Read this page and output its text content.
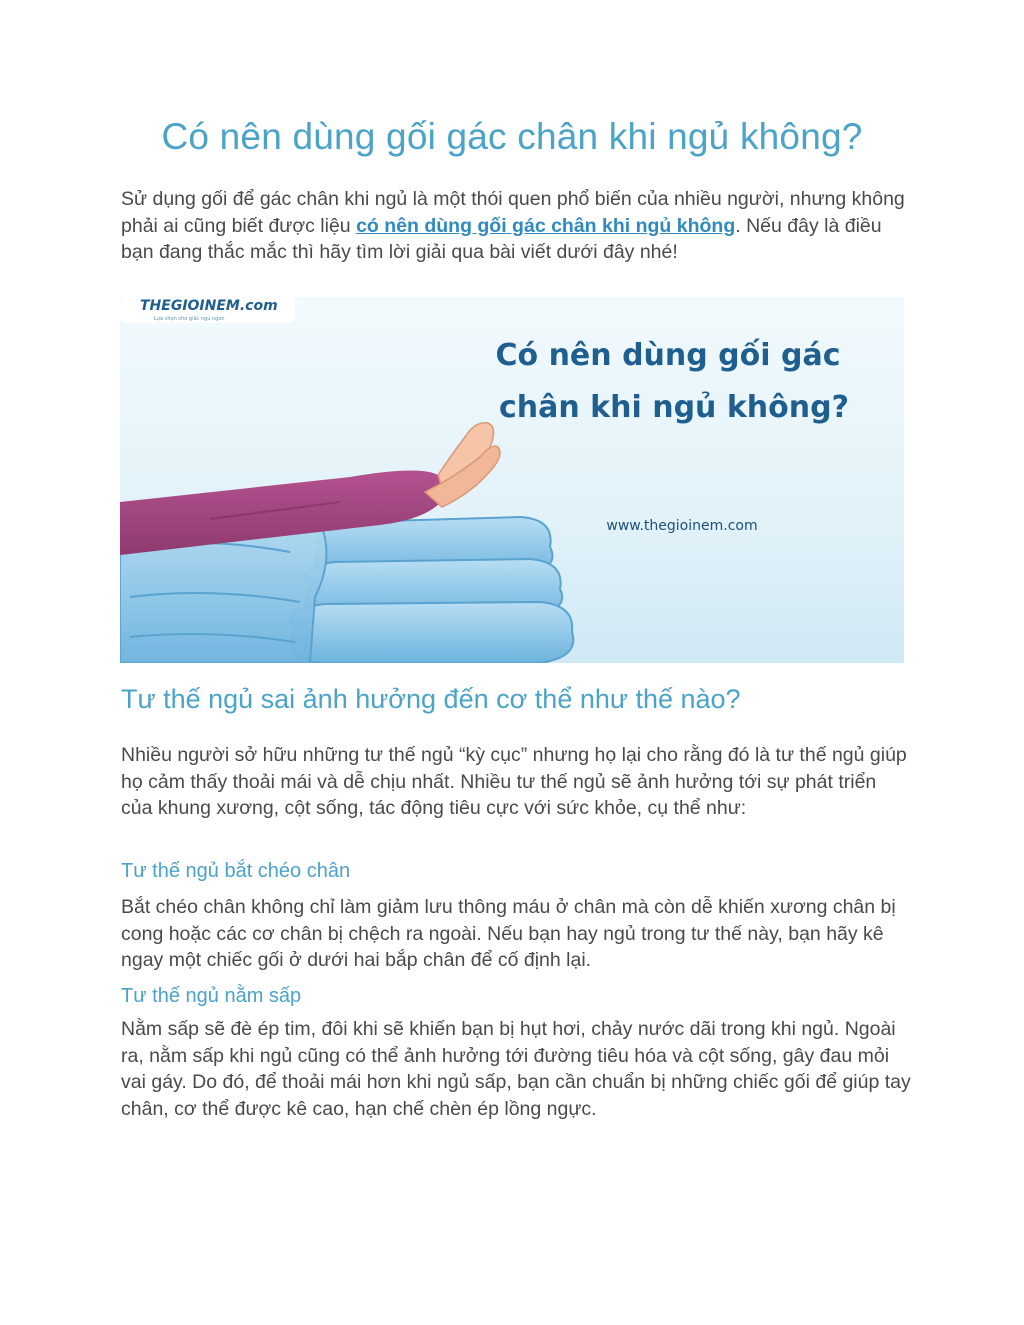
Có nên dùng gối gác chân khi ngủ không?

Sử dụng gối để gác chân khi ngủ là một thói quen phổ biến của nhiều người, nhưng không phải ai cũng biết được liệu có nên dùng gối gác chân khi ngủ không. Nếu đây là điều bạn đang thắc mắc thì hãy tìm lời giải qua bài viết dưới đây nhé!

THEGIOINEM.com
Lựa chọn cho giấc ngủ ngon
Có nên dùng gối gác
chân khi ngủ không?
www.thegioinem.com
Tư thế ngủ sai ảnh hưởng đến cơ thể như thế nào?

Nhiều người sở hữu những tư thế ngủ “kỳ cục” nhưng họ lại cho rằng đó là tư thế ngủ giúp họ cảm thấy thoải mái và dễ chịu nhất. Nhiều tư thế ngủ sẽ ảnh hưởng tới sự phát triển của khung xương, cột sống, tác động tiêu cực với sức khỏe, cụ thể như:

Tư thế ngủ bắt chéo chân

Bắt chéo chân không chỉ làm giảm lưu thông máu ở chân mà còn dễ khiến xương chân bị cong hoặc các cơ chân bị chệch ra ngoài. Nếu bạn hay ngủ trong tư thế này, bạn hãy kê ngay một chiếc gối ở dưới hai bắp chân để cố định lại.

Tư thế ngủ nằm sấp

Nằm sấp sẽ đè ép tim, đôi khi sẽ khiến bạn bị hụt hơi, chảy nước dãi trong khi ngủ. Ngoài ra, nằm sấp khi ngủ cũng có thể ảnh hưởng tới đường tiêu hóa và cột sống, gây đau mỏi vai gáy. Do đó, để thoải mái hơn khi ngủ sấp, bạn cần chuẩn bị những chiếc gối để giúp tay chân, cơ thể được kê cao, hạn chế chèn ép lồng ngực.
